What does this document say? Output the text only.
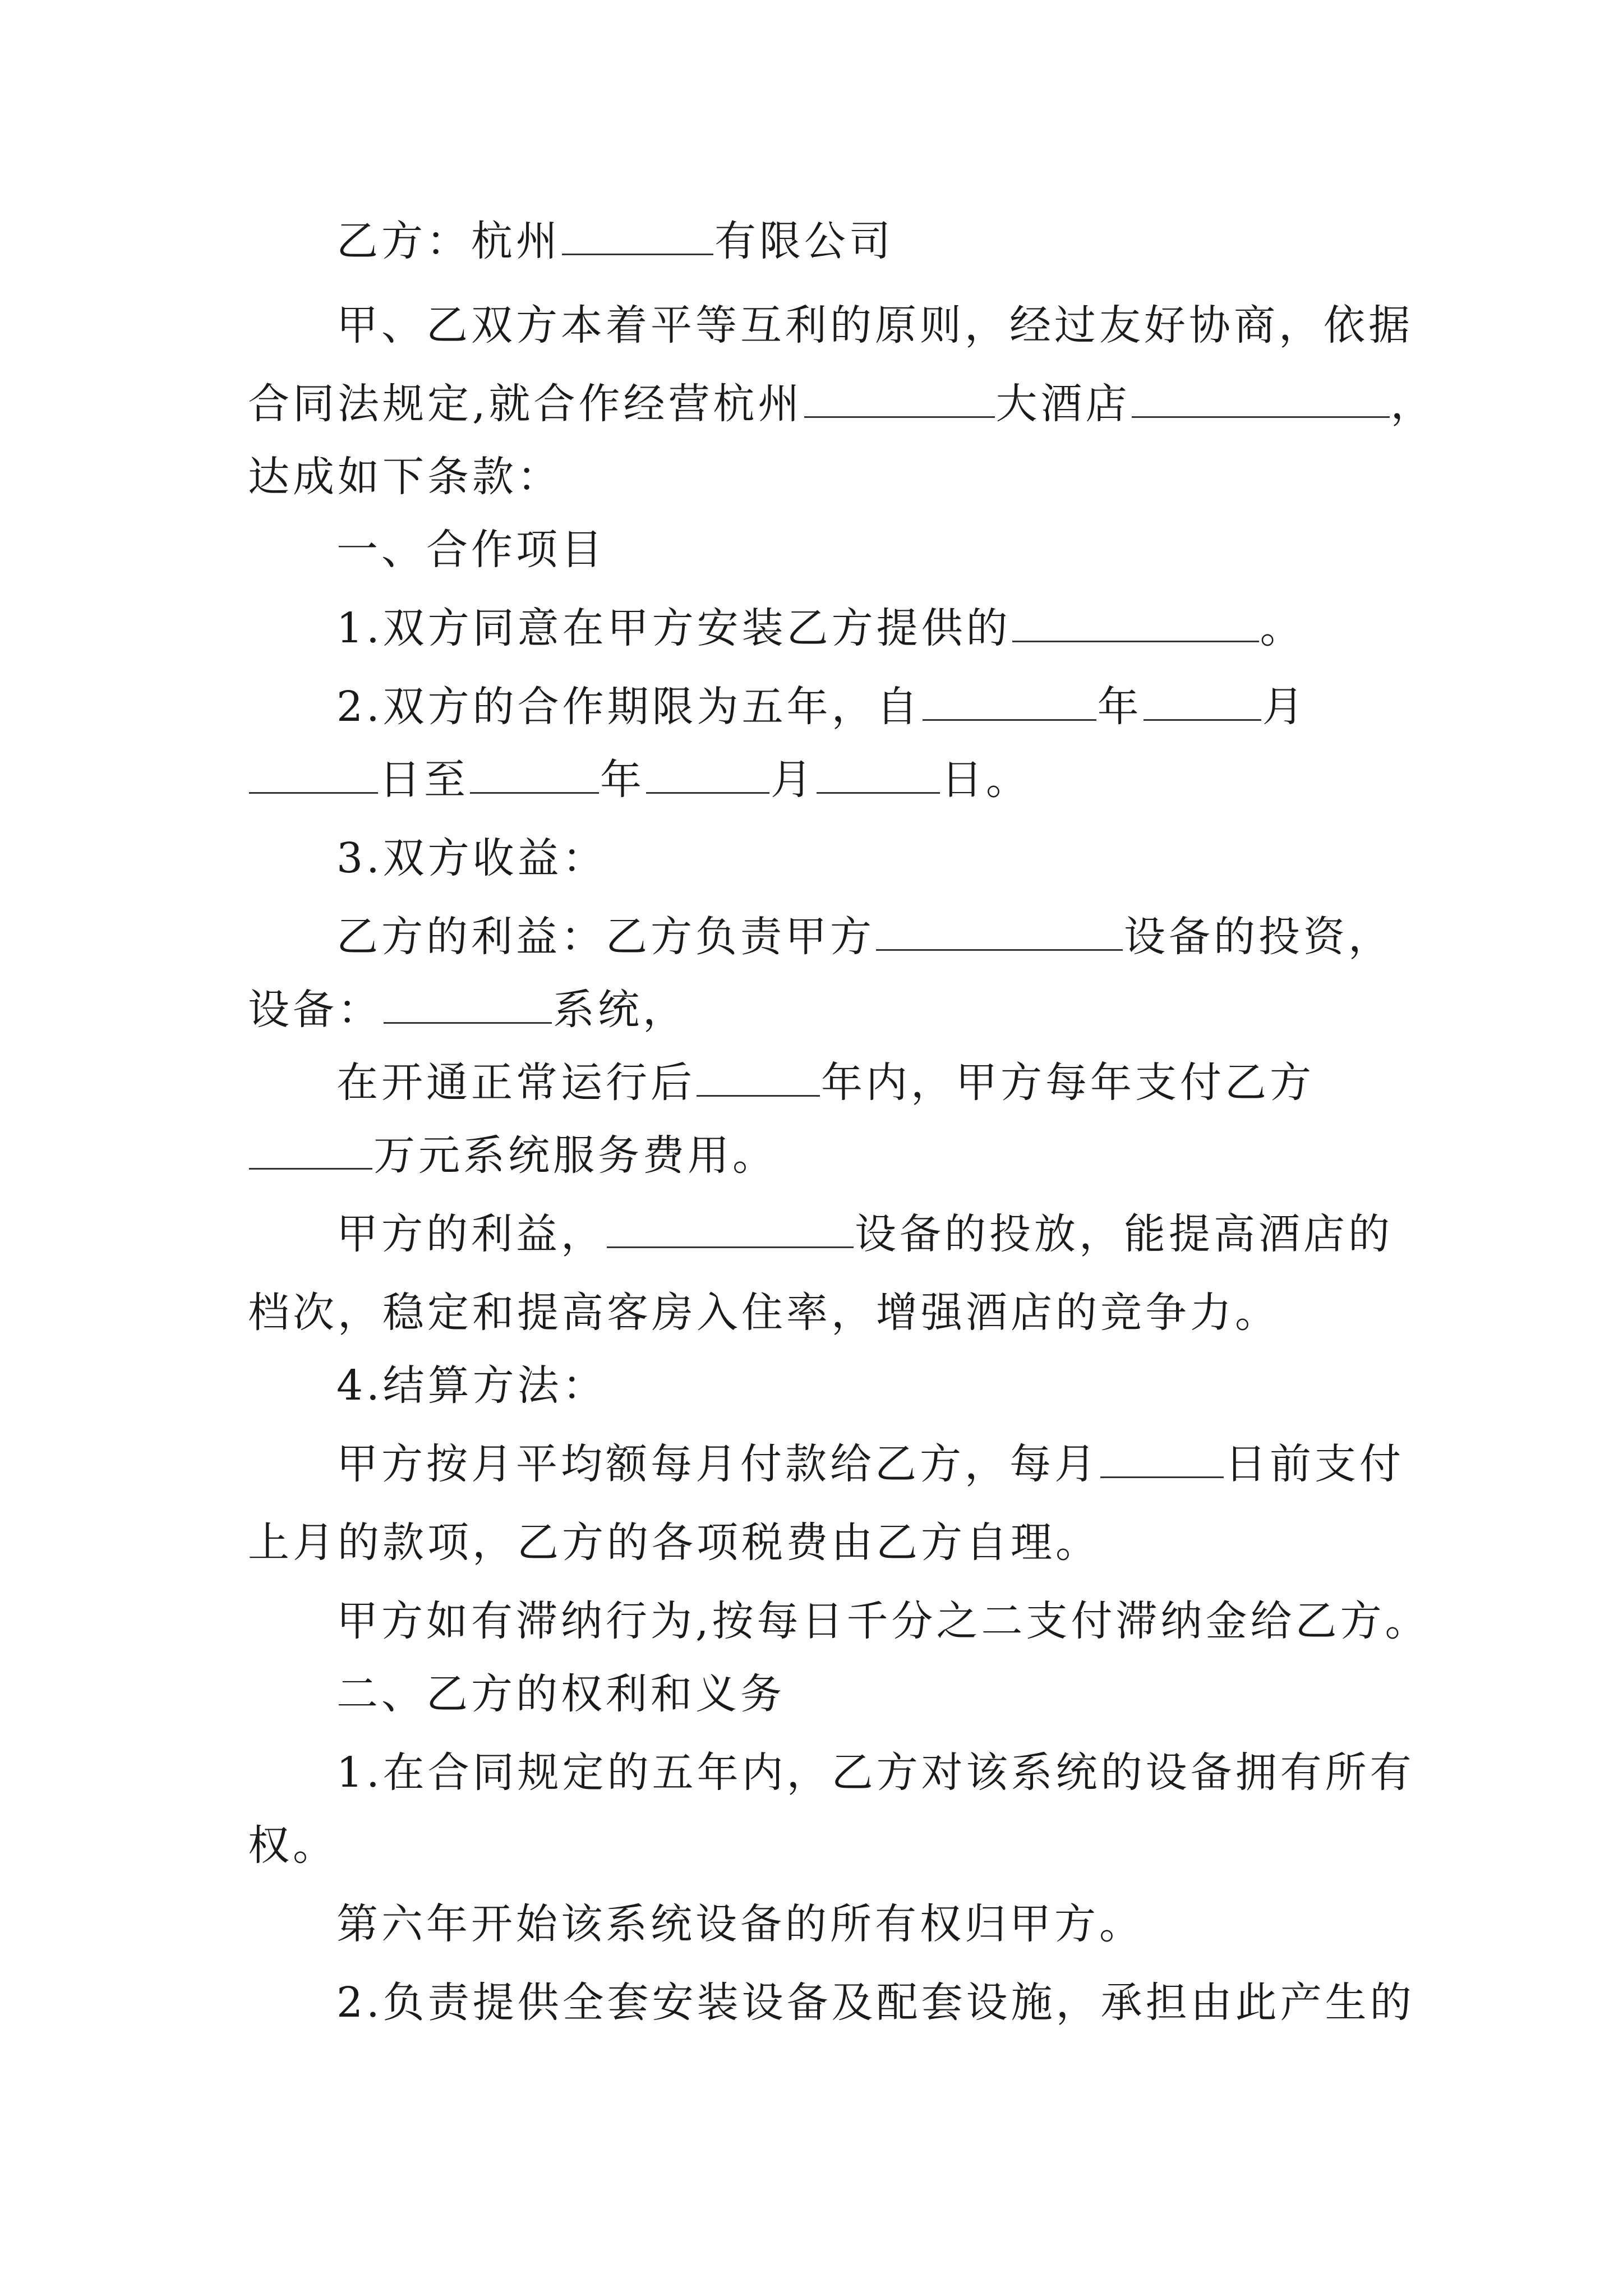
乙方：杭州	有限公司
甲、乙双方本着平等互利的原则，经过友好协商，依据
合同法规定,就合作经营杭州	大酒店	，
达成如下条款：
一、合作项目
1.双方同意在甲方安装乙方提供的	。
2.双方的合作期限为五年，自	年	月
日至	年	月	日。
3.双方收益：
乙方的利益：乙方负责甲方	设备的投资，
设备：	系统，
在开通正常运行后	年内，甲方每年支付乙方
万元系统服务费用。
甲方的利益，	设备的投放，能提高酒店的
档次，稳定和提高客房入住率，增强酒店的竞争力。
4.结算方法：
甲方按月平均额每月付款给乙方，每月	日前支付
上月的款项，乙方的各项税费由乙方自理。
甲方如有滞纳行为,按每日千分之二支付滞纳金给乙方。
二、乙方的权利和义务
1.在合同规定的五年内，乙方对该系统的设备拥有所有
权。
第六年开始该系统设备的所有权归甲方。
2.负责提供全套安装设备及配套设施，承担由此产生的
